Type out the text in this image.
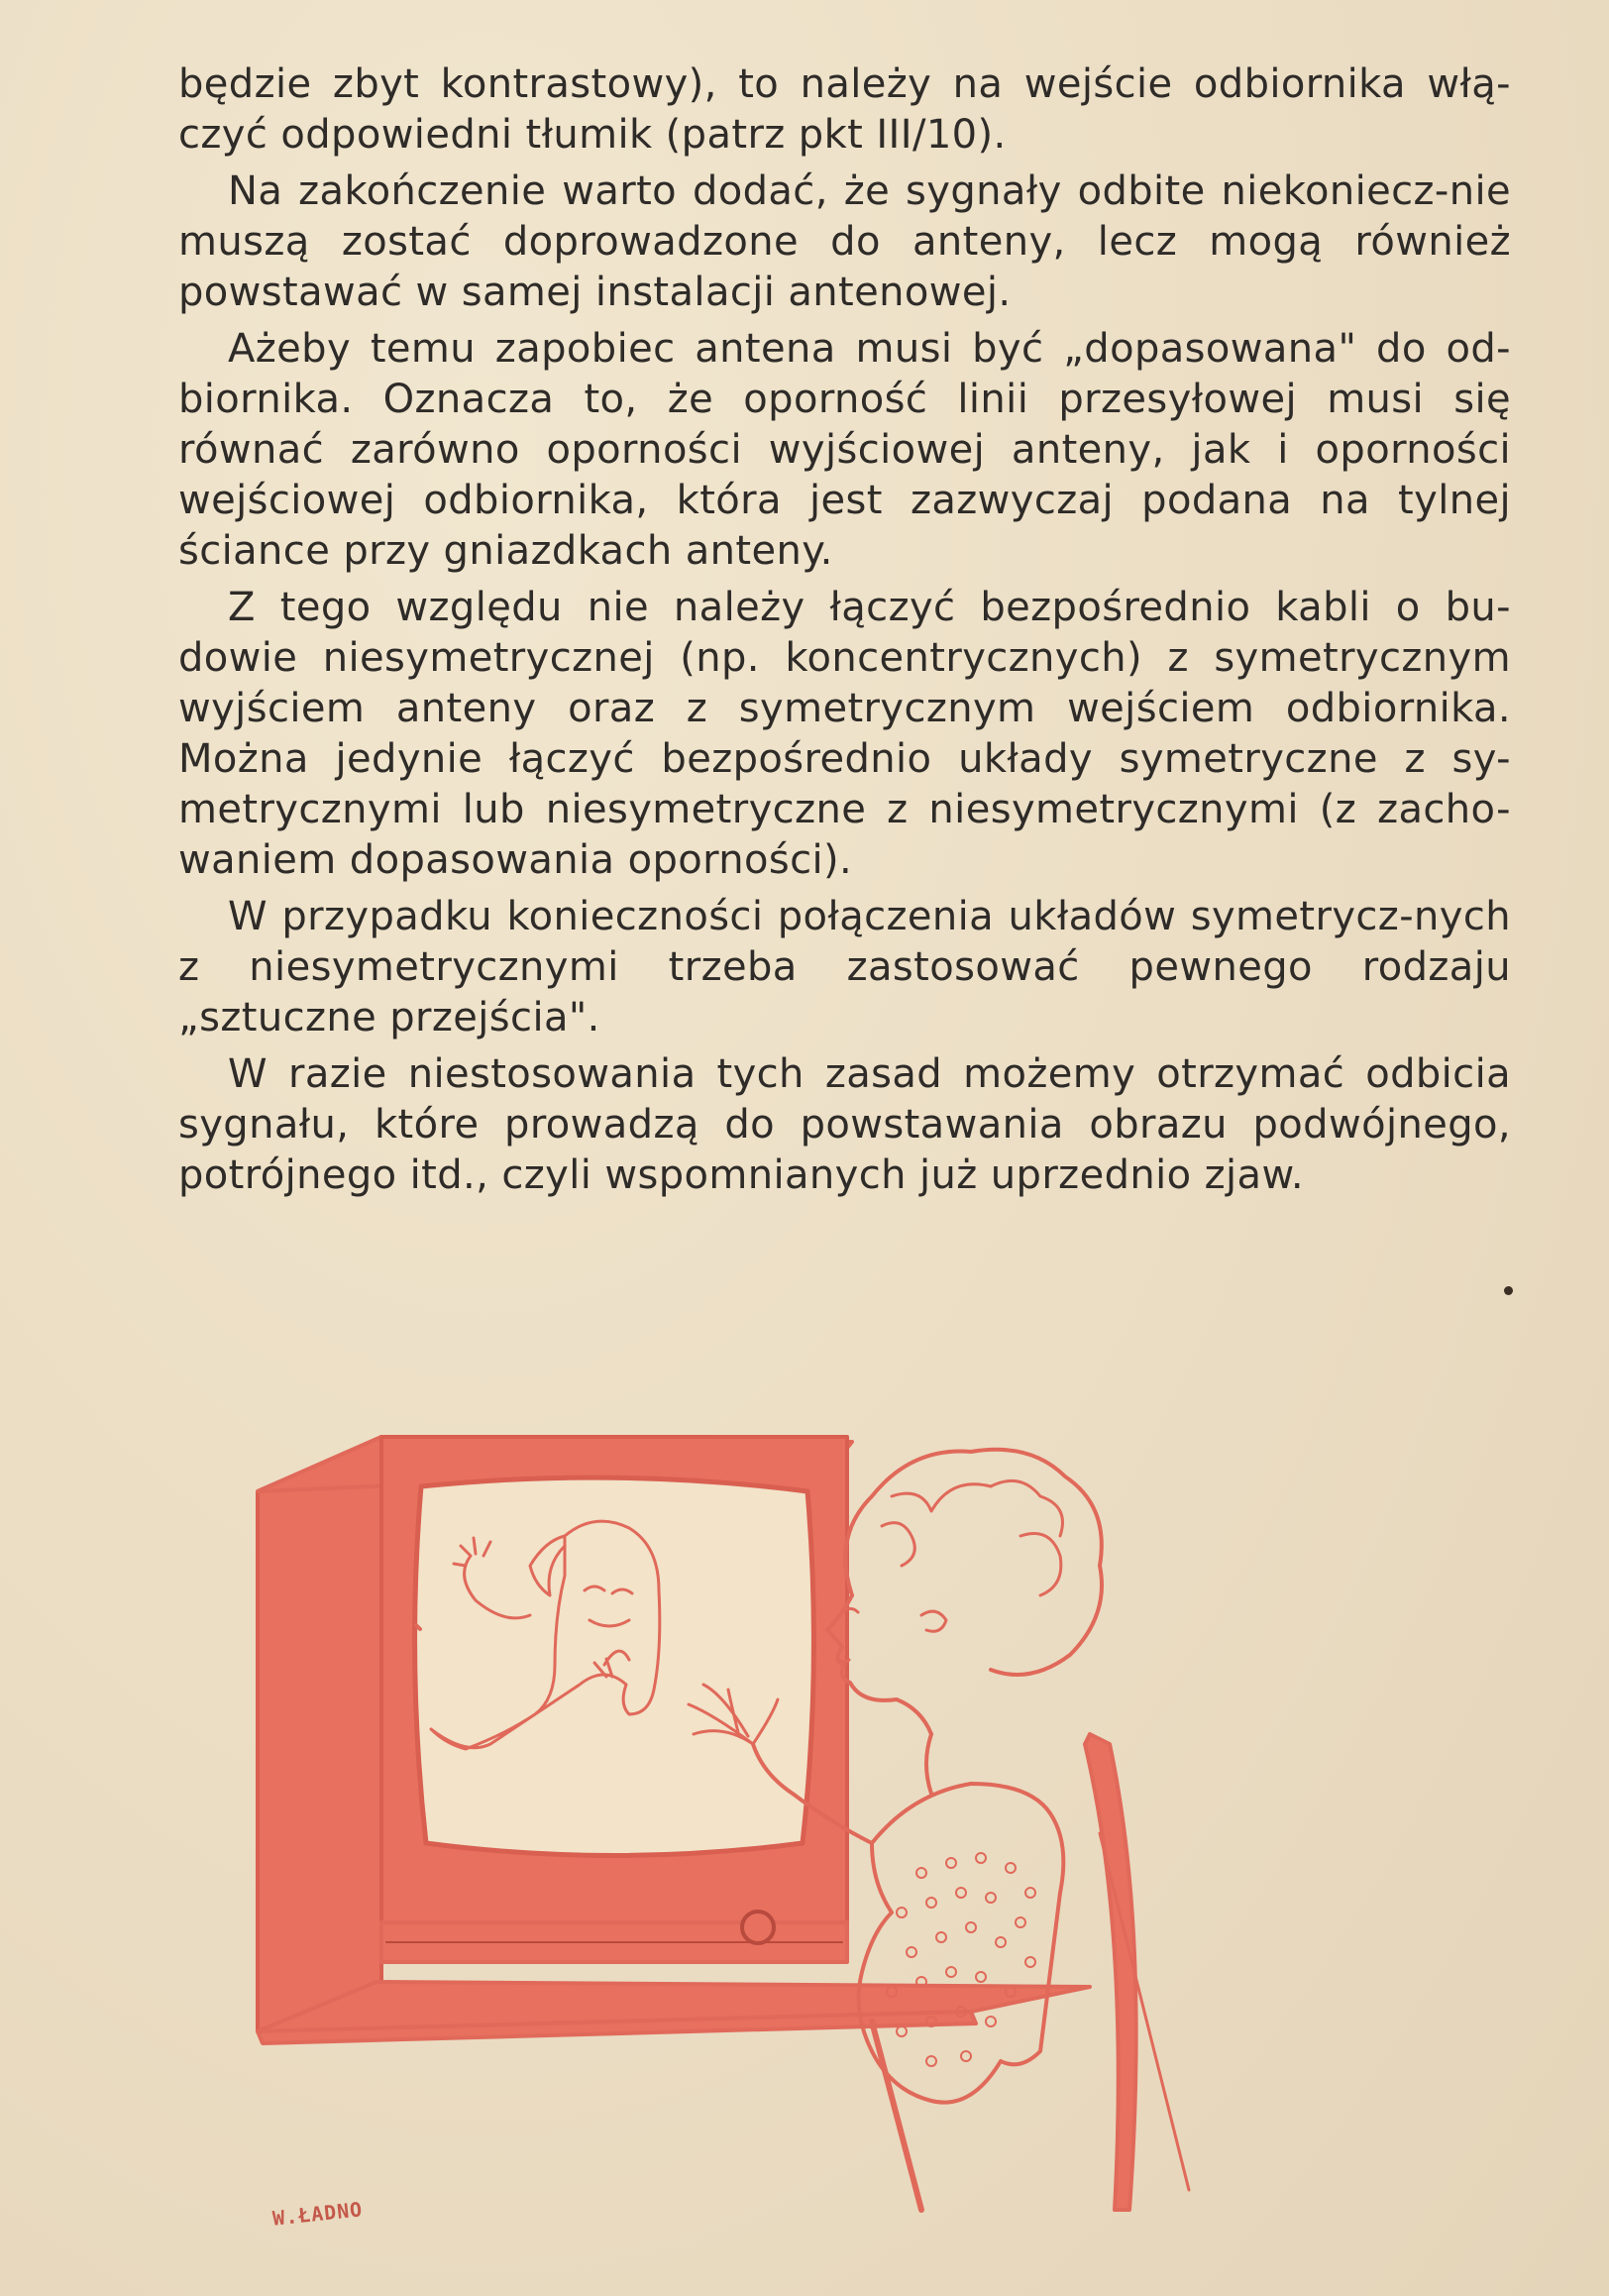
będzie zbyt kontrastowy), to należy na wejście odbiornika włą-czyć odpowiedni tłumik (patrz pkt III/10).

Na zakończenie warto dodać, że sygnały odbite niekoniecz-nie muszą zostać doprowadzone do anteny, lecz mogą również powstawać w samej instalacji antenowej.

Ażeby temu zapobiec antena musi być „dopasowana" do od-biornika. Oznacza to, że oporność linii przesyłowej musi się równać zarówno oporności wyjściowej anteny, jak i oporności wejściowej odbiornika, która jest zazwyczaj podana na tylnej ściance przy gniazdkach anteny.

Z tego względu nie należy łączyć bezpośrednio kabli o bu-dowie niesymetrycznej (np. koncentrycznych) z symetrycznym wyjściem anteny oraz z symetrycznym wejściem odbiornika. Można jedynie łączyć bezpośrednio układy symetryczne z sy-metrycznymi lub niesymetryczne z niesymetrycznymi (z zacho-waniem dopasowania oporności).

W przypadku konieczności połączenia układów symetrycz-nych z niesymetrycznymi trzeba zastosować pewnego rodzaju „sztuczne przejścia".

W razie niestosowania tych zasad możemy otrzymać odbicia sygnału, które prowadzą do powstawania obrazu podwójnego, potrójnego itd., czyli wspomnianych już uprzednio zjaw.

W.ŁADNO
